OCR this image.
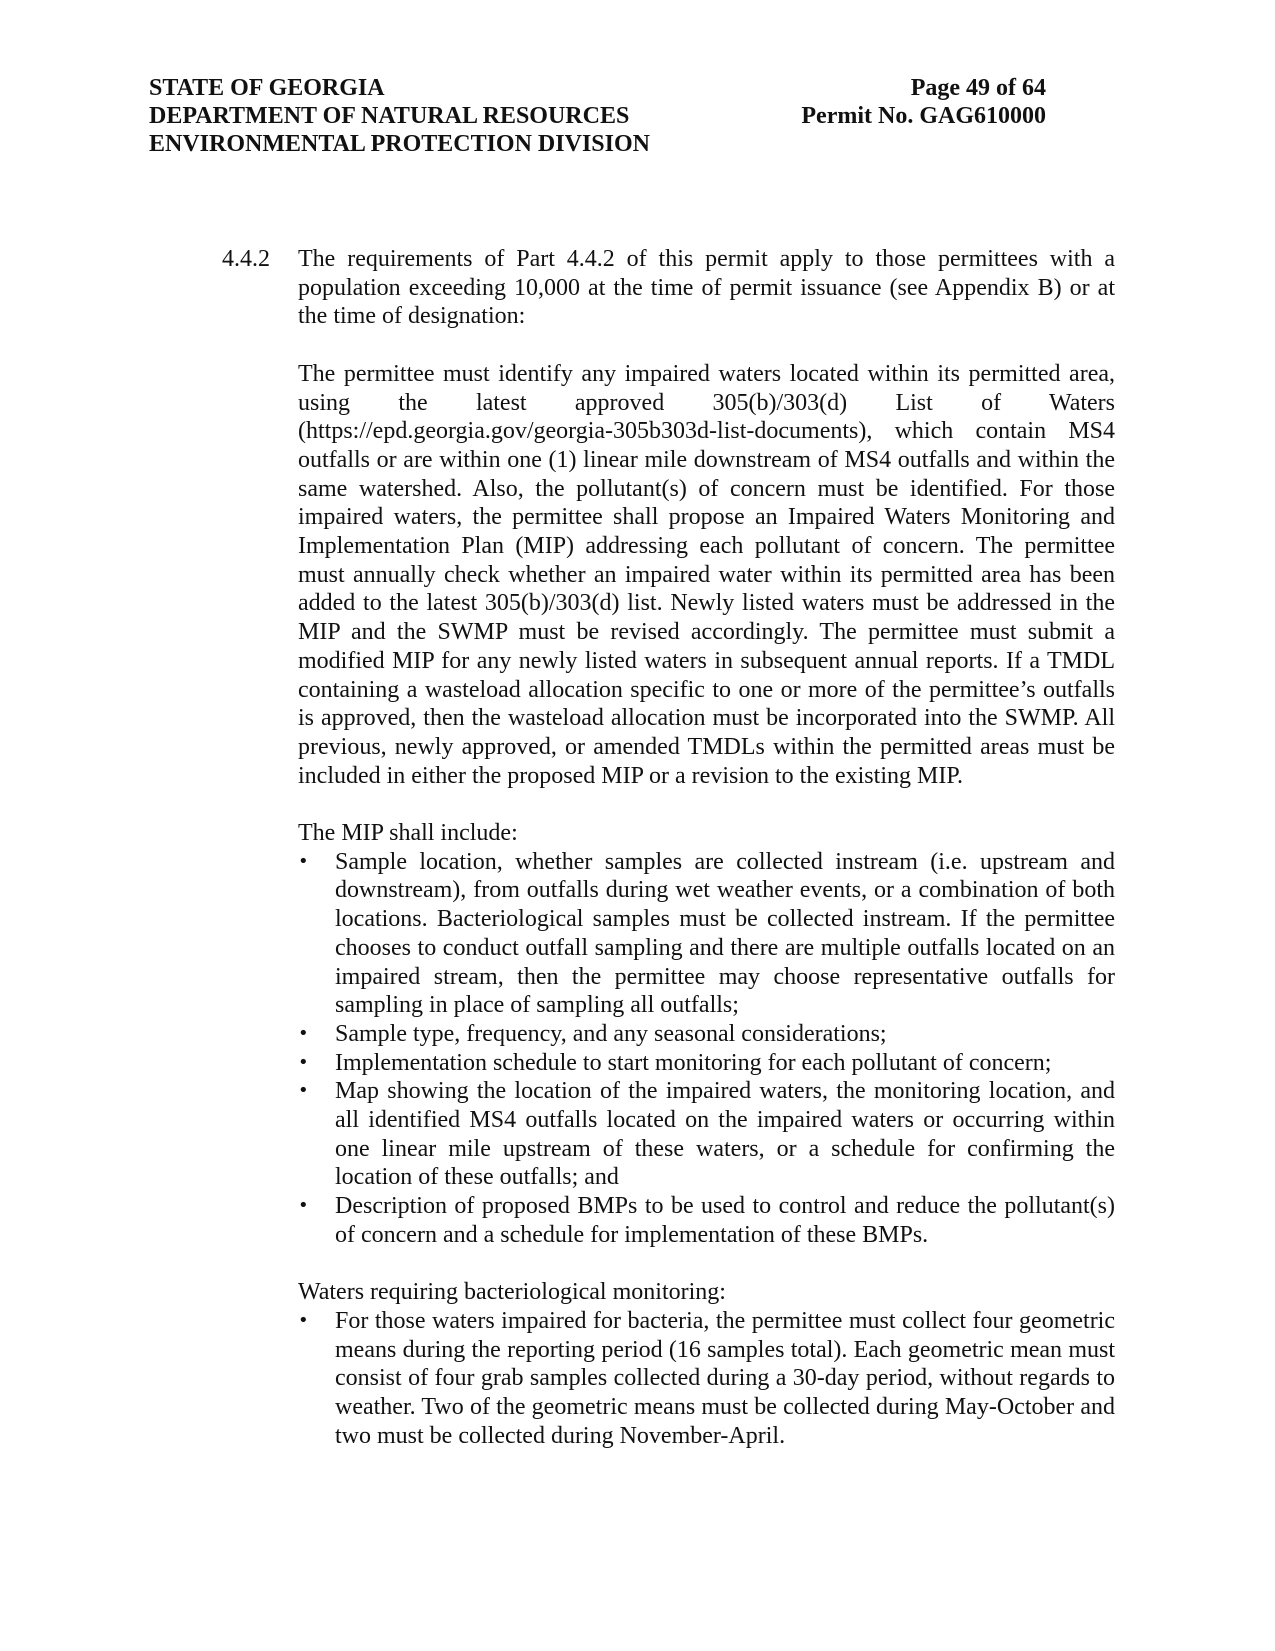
STATE OF GEORGIA	Page 49 of 64
DEPARTMENT OF NATURAL RESOURCES	Permit No. GAG610000
ENVIRONMENTAL PROTECTION DIVISION
4.4.2	The requirements of Part 4.4.2 of this permit apply to those permittees with a population exceeding 10,000 at the time of permit issuance (see Appendix B) or at the time of designation:

The permittee must identify any impaired waters located within its permitted area, using the latest approved 305(b)/303(d) List of Waters (https://epd.georgia.gov/georgia-305b303d-list-documents), which contain MS4 outfalls or are within one (1) linear mile downstream of MS4 outfalls and within the same watershed. Also, the pollutant(s) of concern must be identified. For those impaired waters, the permittee shall propose an Impaired Waters Monitoring and Implementation Plan (MIP) addressing each pollutant of concern. The permittee must annually check whether an impaired water within its permitted area has been added to the latest 305(b)/303(d) list. Newly listed waters must be addressed in the MIP and the SWMP must be revised accordingly. The permittee must submit a modified MIP for any newly listed waters in subsequent annual reports. If a TMDL containing a wasteload allocation specific to one or more of the permittee’s outfalls is approved, then the wasteload allocation must be incorporated into the SWMP. All previous, newly approved, or amended TMDLs within the permitted areas must be included in either the proposed MIP or a revision to the existing MIP.

The MIP shall include:

•	Sample location, whether samples are collected instream (i.e. upstream and downstream), from outfalls during wet weather events, or a combination of both locations. Bacteriological samples must be collected instream. If the permittee chooses to conduct outfall sampling and there are multiple outfalls located on an impaired stream, then the permittee may choose representative outfalls for sampling in place of sampling all outfalls;
•	Sample type, frequency, and any seasonal considerations;
•	Implementation schedule to start monitoring for each pollutant of concern;
•	Map showing the location of the impaired waters, the monitoring location, and all identified MS4 outfalls located on the impaired waters or occurring within one linear mile upstream of these waters, or a schedule for confirming the location of these outfalls; and
•	Description of proposed BMPs to be used to control and reduce the pollutant(s) of concern and a schedule for implementation of these BMPs.

Waters requiring bacteriological monitoring:

•	For those waters impaired for bacteria, the permittee must collect four geometric means during the reporting period (16 samples total). Each geometric mean must consist of four grab samples collected during a 30-day period, without regards to weather. Two of the geometric means must be collected during May-October and two must be collected during November-April.
